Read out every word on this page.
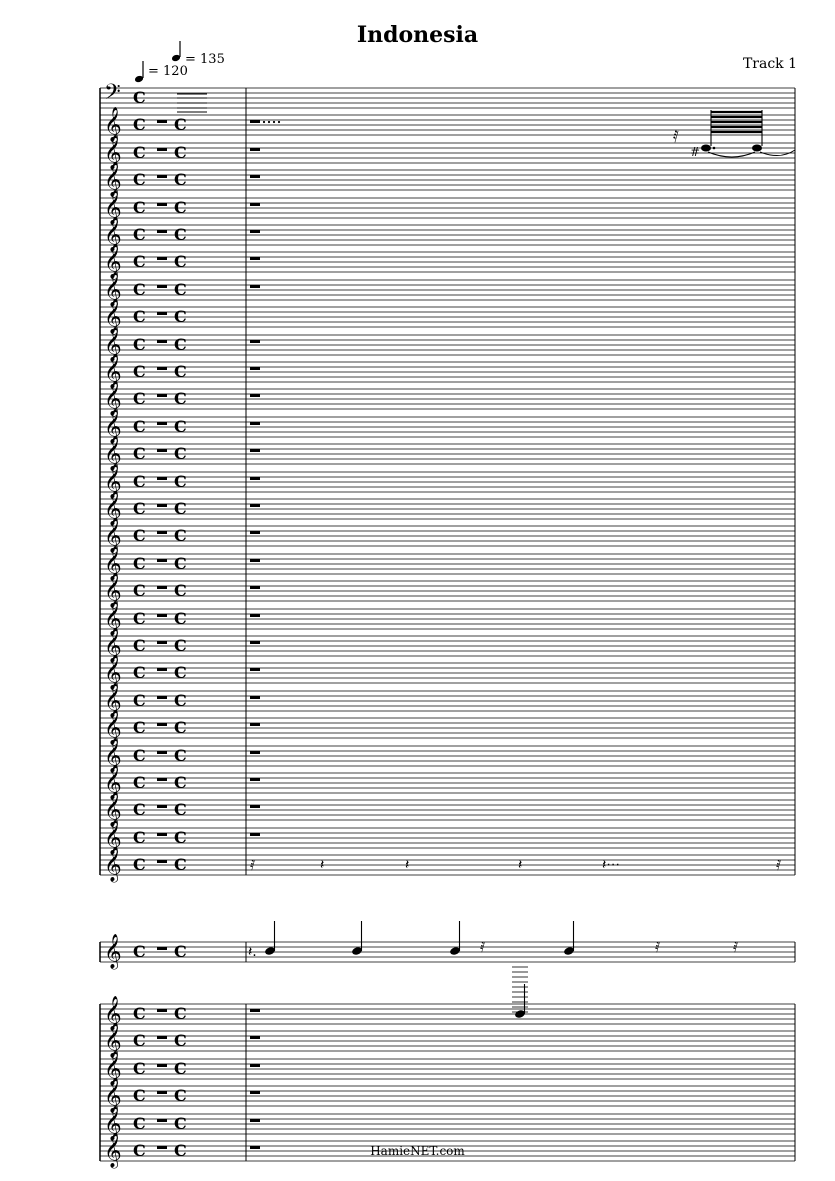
Indonesia
Track 1
= 120
= 135
HamieNET.com
𝄢 C
𝄞 C C
𝄞 C C
𝄞 C C
𝄞 C C
𝄞 C C
𝄞 C C
𝄞 C C
𝄞 C C
𝄞 C C
𝄞 C C
𝄞 C C
𝄞 C C
𝄞 C C
𝄞 C C
𝄞 C C
𝄞 C C
𝄞 C C
𝄞 C C
𝄞 C C
𝄞 C C
𝄞 C C
𝄞 C C
𝄞 C C
𝄞 C C
𝄞 C C
𝄞 C C
𝄞 C C
𝄞 C C
𝄞 C C
𝄞 C C
𝄞 C C
𝄞 C C
𝄞 C C
𝄞 C C
𝄞 C C
𝅀
#
𝅀	𝄽	𝄽	𝄽	𝄽⋯	𝅀
𝄽.	𝅀	𝅀	𝅀
